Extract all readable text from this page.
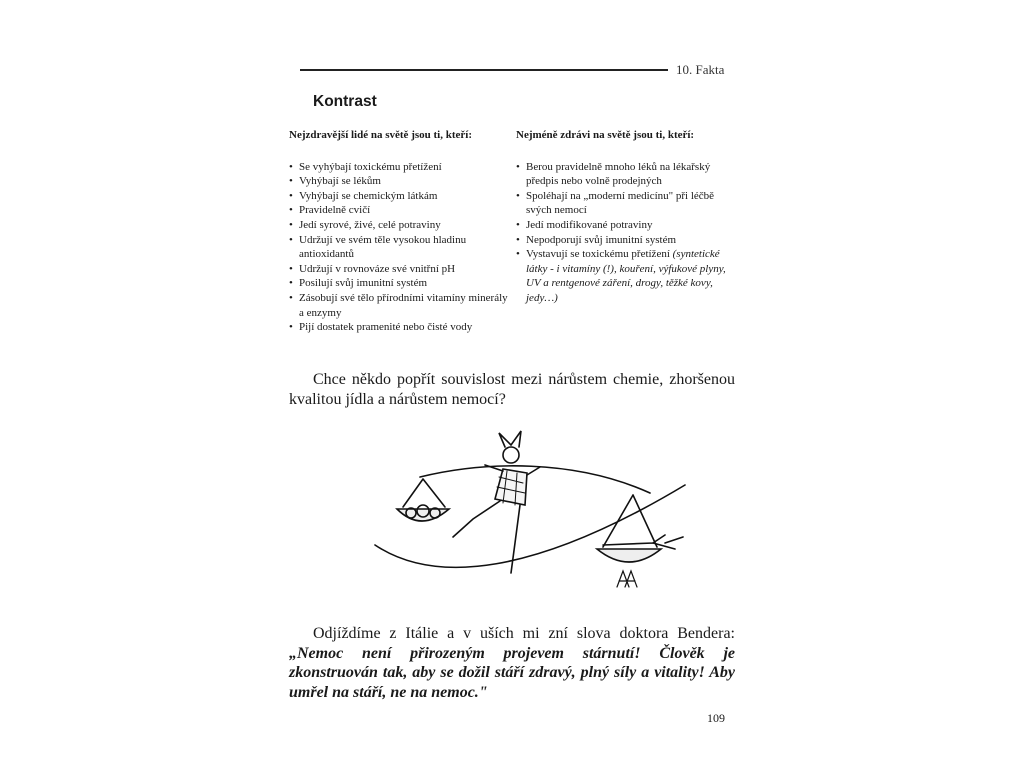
10. Fakta
Kontrast
Nejzdravější lidé na světě jsou ti, kteří:
• Se vyhýbají toxickému přetížení
• Vyhýbají se lékům
• Vyhýbají se chemickým látkám
• Pravidelně cvičí
• Jedí syrové, živé, celé potraviny
• Udržují ve svém těle vysokou hladinu antioxidantů
• Udržují v rovnováze své vnitřní pH
• Posilují svůj imunitní systém
• Zásobují své tělo přírodními vitamíny minerály a enzymy
• Pijí dostatek pramenité nebo čisté vody
Nejméně zdrávi na světě jsou ti, kteří:
• Berou pravidelně mnoho léků na lékařský předpis nebo volně prodejných
• Spoléhají na „moderní medicínu" při léčbě svých nemocí
• Jedí modifikované potraviny
• Nepodporují svůj imunitní systém
• Vystavují se toxickému přetížení (syntetické látky - i vitamíny (!), kouření, výfukové plyny, UV a rentgenové záření, drogy, těžké kovy, jedy…)
Chce někdo popřít souvislost mezi nárůstem chemie, zhoršenou kvalitou jídla a nárůstem nemocí?
Odjíždíme z Itálie a v uších mi zní slova doktora Bendera: „Nemoc není přirozeným projevem stárnutí! Člověk je zkonstruován tak, aby se dožil stáří zdravý, plný síly a vitality! Aby umřel na stáří, ne na nemoc."
109
